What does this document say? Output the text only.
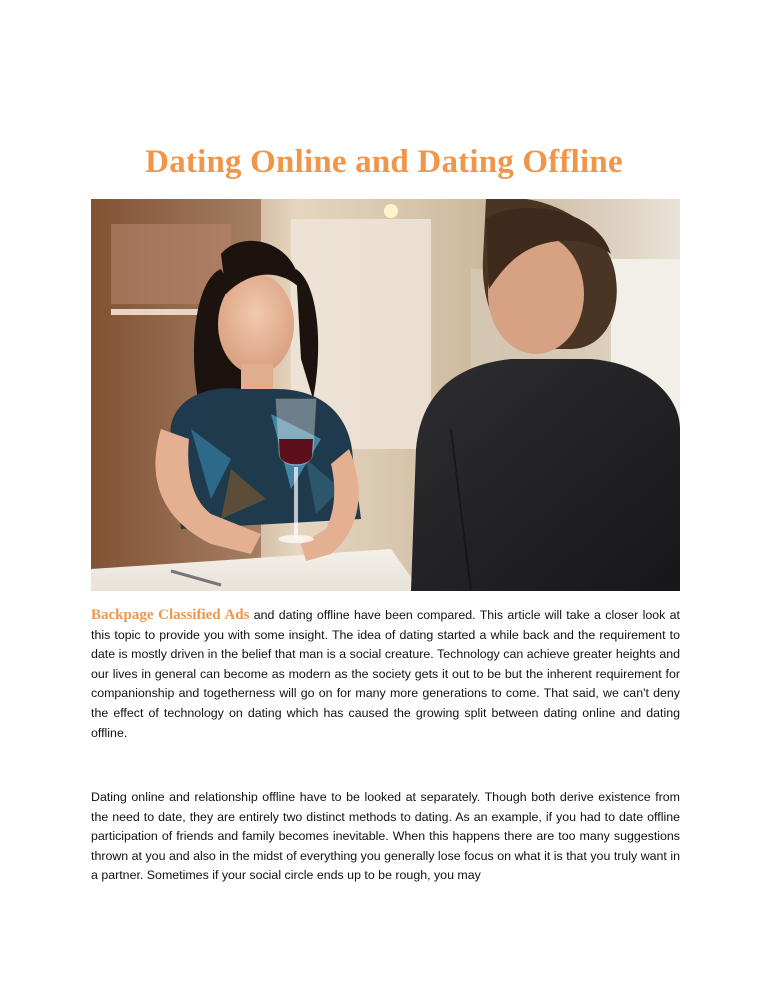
Dating Online and Dating Offline

Backpage Classified Ads and dating offline have been compared. This article will take a closer look at this topic to provide you with some insight. The idea of dating started a while back and the requirement to date is mostly driven in the belief that man is a social creature. Technology can achieve greater heights and our lives in general can become as modern as the society gets it out to be but the inherent requirement for companionship and togetherness will go on for many more generations to come. That said, we can't deny the effect of technology on dating which has caused the growing split between dating online and dating offline.

Dating online and relationship offline have to be looked at separately. Though both derive existence from the need to date, they are entirely two distinct methods to dating. As an example, if you had to date offline participation of friends and family becomes inevitable. When this happens there are too many suggestions thrown at you and also in the midst of everything you generally lose focus on what it is that you truly want in a partner. Sometimes if your social circle ends up to be rough, you may
